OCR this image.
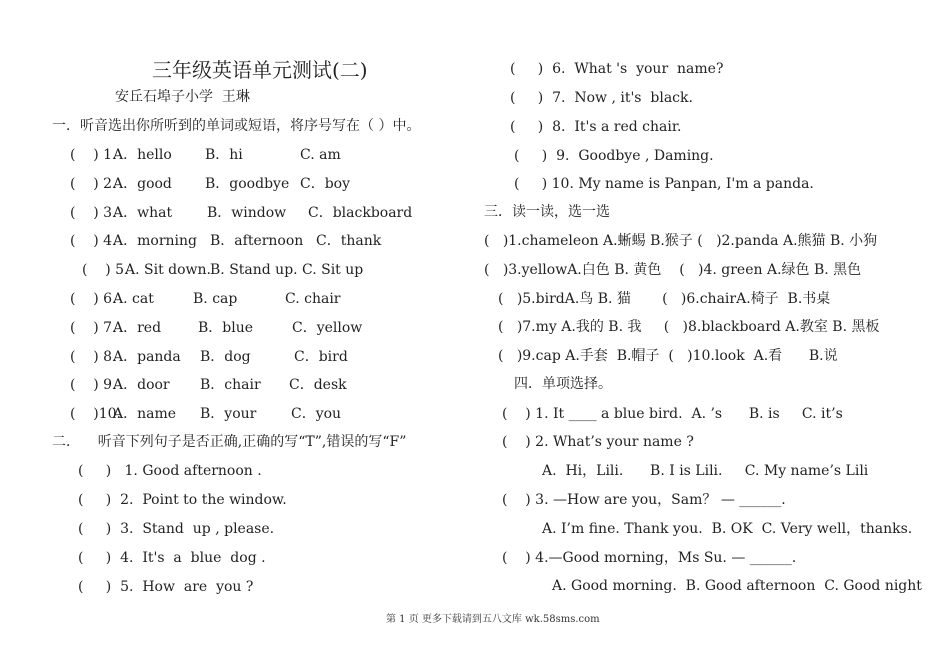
三年级英语单元测试(二)
安丘石埠子小学  王琳
一．听音选出你所听到的单词或短语，将序号写在（ ）中。
(    ) 1.
A．hello B．hi	C. am
(    ) 2.
A．good B．goodbye C．boy
(    ) 3.
A．what B．window C．blackboard
(    ) 4.
A．morning B．afternoon C．thank
(    ) 5.
A. Sit down. B. Stand up. C. Sit up
(    ) 6.
A. cat	B. cap	C. chair
(    ) 7.
A．red	B．blue	C．yellow
(    ) 8.
A．panda B．dog	C．bird
(    ) 9.
A．door B．chair C．desk
(    )10.
A．name B．your C．you
二．    听音下列句子是否正确,正确的写“T”,错误的写“F”
(     )   1. Good afternoon .
(     )  2.  Point to the window.
(     )  3.  Stand  up , please.
(     )  4.  It's  a  blue  dog .
(     )  5.  How  are  you ?
(     )  6.  What 's  your  name?
(     )  7.  Now , it's  black.
(     )  8.  It's a red chair.
(     )  9.  Goodbye , Daming.
(     ) 10. My name is Panpan, I'm a panda.
三．读一读，选一选
(   )1.chameleon A.蜥蜴 B.猴子 (   )2.panda A.熊猫 B. 小狗
(   )3.yellowA.白色 B. 黄色    (   )4. green A.绿色 B. 黑色
(   )5.birdA.鸟 B. 猫       (   )6.chairA.椅子  B.书桌
(   )7.my A.我的 B. 我     (   )8.blackboard A.教室 B. 黑板
(   )9.cap A.手套  B.帽子  (   )10.look  A.看      B.说
四．单项选择。
(    ) 1. It ____ a blue bird.  A. ’s      B. is     C. it’s
(    ) 2. What’s your name ?
A.  Hi，Lili.      B. I is Lili.     C. My name’s Lili
(    ) 3. —How are you，Sam？ — ______.
A. I’m fine. Thank you.  B. OK  C. Very well，thanks.
(    ) 4.—Good morning，Ms Su. — ______.
A. Good morning.  B. Good afternoon  C. Good night
第 1 页 更多下载请到五八文库 wk.58sms.com
